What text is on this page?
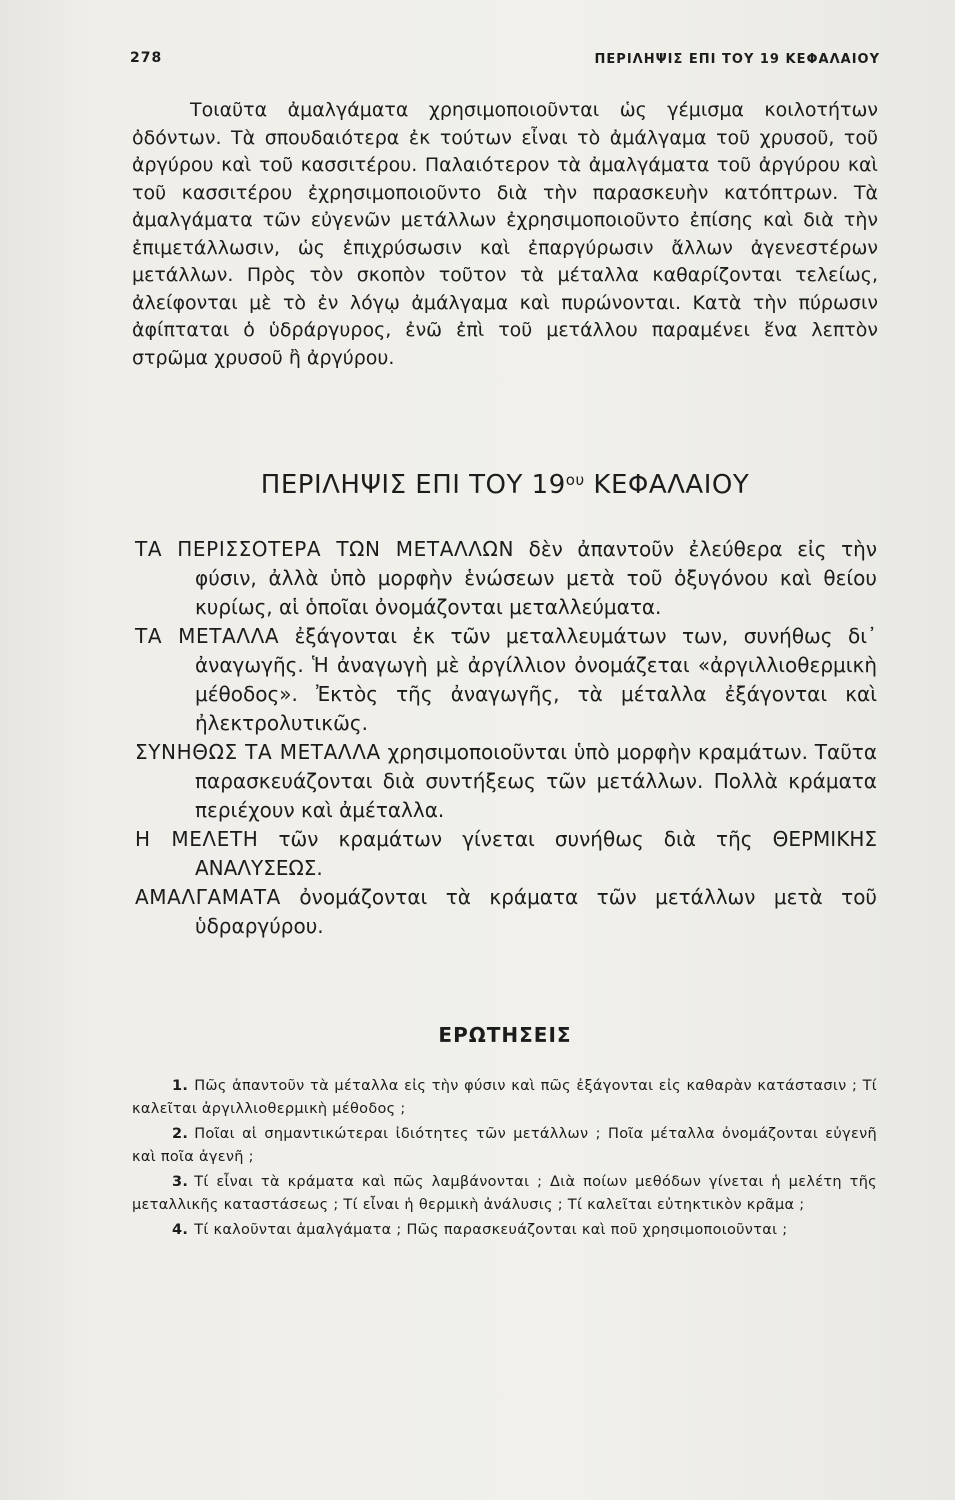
278	ΠΕΡΙΛΗΨΙΣ ΕΠΙ ΤΟΥ 19 ΚΕΦΑΛΑΙΟΥ

Τοιαῦτα ἀμαλγάματα χρησιμοποιοῦνται ὡς γέμισμα κοιλοτήτων ὀδόντων. Τὰ σπουδαιότερα ἐκ τούτων εἶναι τὸ ἀμάλγαμα τοῦ χρυσοῦ, τοῦ ἀργύρου καὶ τοῦ κασσιτέρου. Παλαιότερον τὰ ἀμαλγάματα τοῦ ἀργύρου καὶ τοῦ κασσιτέρου ἐχρησιμοποιοῦντο διὰ τὴν παρασκευὴν κατόπτρων. Τὰ ἀμαλγάματα τῶν εὐγενῶν μετάλλων ἐχρησιμοποιοῦντο ἐπίσης καὶ διὰ τὴν ἐπιμετάλλωσιν, ὡς ἐπιχρύσωσιν καὶ ἐπαργύρωσιν ἄλλων ἀγενεστέρων μετάλλων. Πρὸς τὸν σκοπὸν τοῦτον τὰ μέταλλα καθαρίζονται τελείως, ἀλείφονται μὲ τὸ ἐν λόγῳ ἀμάλγαμα καὶ πυρώνονται. Κατὰ τὴν πύρωσιν ἀφίπταται ὁ ὑδράργυρος, ἐνῶ ἐπὶ τοῦ μετάλλου παραμένει ἕνα λεπτὸν στρῶμα χρυσοῦ ἢ ἀργύρου.

ΠΕΡΙΛΗΨΙΣ ΕΠΙ ΤΟΥ $19^{o\upsilon}$ ΚΕΦΑΛΑΙΟΥ
ΤΑ ΠΕΡΙΣΣΟΤΕΡΑ ΤΩΝ ΜΕΤΑΛΛΩΝ δὲν ἀπαντοῦν ἐλεύθερα εἰς τὴν φύσιν, ἀλλὰ ὑπὸ μορφὴν ἑνώσεων μετὰ τοῦ ὀξυγόνου καὶ θείου κυρίως, αἱ ὁποῖαι ὀνομάζονται μεταλλεύματα.
ΤΑ ΜΕΤΑΛΛΑ ἐξάγονται ἐκ τῶν μεταλλευμάτων των, συνήθως δι᾿ ἀναγωγῆς. Ἡ ἀναγωγὴ μὲ ἀργίλλιον ὀνομάζεται «ἀργιλλιοθερμικὴ μέθοδος». Ἐκτὸς τῆς ἀναγωγῆς, τὰ μέταλλα ἐξάγονται καὶ ἠλεκτρολυτικῶς.
ΣΥΝΗΘΩΣ ΤΑ ΜΕΤΑΛΛΑ χρησιμοποιοῦνται ὑπὸ μορφὴν κραμάτων. Ταῦτα παρασκευάζονται διὰ συντήξεως τῶν μετάλλων. Πολλὰ κράματα περιέχουν καὶ ἀμέταλλα.
Η ΜΕΛΕΤΗ τῶν κραμάτων γίνεται συνήθως διὰ τῆς ΘΕΡΜΙΚΗΣ ΑΝΑΛΥΣΕΩΣ.
ΑΜΑΛΓΑΜΑΤΑ ὀνομάζονται τὰ κράματα τῶν μετάλλων μετὰ τοῦ ὑδραργύρου.
ΕΡΩΤΗΣΕΙΣ
1. Πῶς ἀπαντοῦν τὰ μέταλλα εἰς τὴν φύσιν καὶ πῶς ἐξάγονται εἰς καθαρὰν κατάστασιν ; Τί καλεῖται ἀργιλλιοθερμικὴ μέθοδος ;
2. Ποῖαι αἱ σημαντικώτεραι ἰδιότητες τῶν μετάλλων ; Ποῖα μέταλλα ὀνομάζονται εὐγενῆ καὶ ποῖα ἀγενῆ ;
3. Τί εἶναι τὰ κράματα καὶ πῶς λαμβάνονται ; Διὰ ποίων μεθόδων γίνεται ἡ μελέτη τῆς μεταλλικῆς καταστάσεως ; Τί εἶναι ἡ θερμικὴ ἀνάλυσις ; Τί καλεῖται εὐτηκτικὸν κρᾶμα ;
4. Τί καλοῦνται ἀμαλγάματα ; Πῶς παρασκευάζονται καὶ ποῦ χρησιμοποιοῦνται ;
